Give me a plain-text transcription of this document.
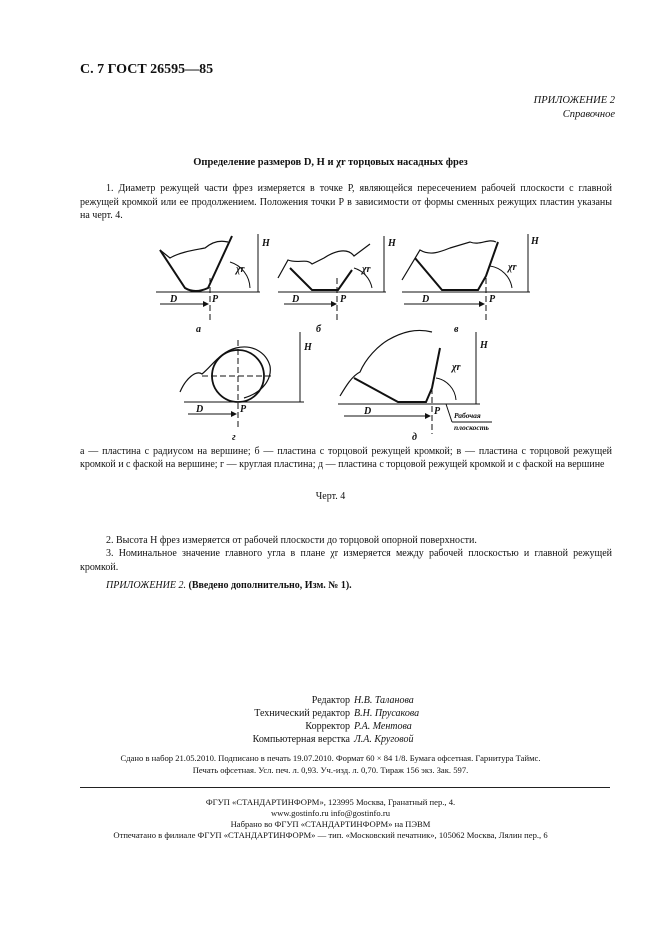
С. 7 ГОСТ 26595—85
ПРИЛОЖЕНИЕ 2
Справочное
Определение размеров D, H и χr торцовых насадных фрез
1. Диаметр режущей части фрез измеряется в точке Р, являющейся пересечением рабочей плоскости с главной режущей кромкой или ее продолжением. Положения точки Р в зависимости от формы сменных режущих пластин указаны на черт. 4.
H
χr
P
D
а
H
χr
P
D
б
H
χr
P
D
в
H
P
D
г
H
χr
P
D
д
Рабочая
плоскость
а — пластина с радиусом на вершине; б — пластина с торцовой режущей кромкой; в — пластина с торцовой режущей кромкой и с фаской на вершине; г — круглая пластина; д — пластина с торцовой режущей кромкой и с фаской на вершине
Черт. 4
2. Высота H фрез измеряется от рабочей плоскости до торцовой опорной поверхности.
3. Номинальное значение главного угла в плане χr измеряется между рабочей плоскостью и главной режущей кромкой.
ПРИЛОЖЕНИЕ 2. (Введено дополнительно, Изм. № 1).
Редактор Н.В. Таланова
Технический редактор В.Н. Прусакова
Корректор Р.А. Ментова
Компьютерная верстка Л.А. Круговой
Сдано в набор 21.05.2010. Подписано в печать 19.07.2010. Формат 60 × 84 1/8. Бумага офсетная. Гарнитура Таймс.
Печать офсетная. Усл. печ. л. 0,93. Уч.-изд. л. 0,70. Тираж 156 экз. Зак. 597.
ФГУП «СТАНДАРТИНФОРМ», 123995 Москва, Гранатный пер., 4.
www.gostinfo.ru info@gostinfo.ru
Набрано во ФГУП «СТАНДАРТИНФОРМ» на ПЭВМ
Отпечатано в филиале ФГУП «СТАНДАРТИНФОРМ» — тип. «Московский печатник», 105062 Москва, Лялин пер., 6
